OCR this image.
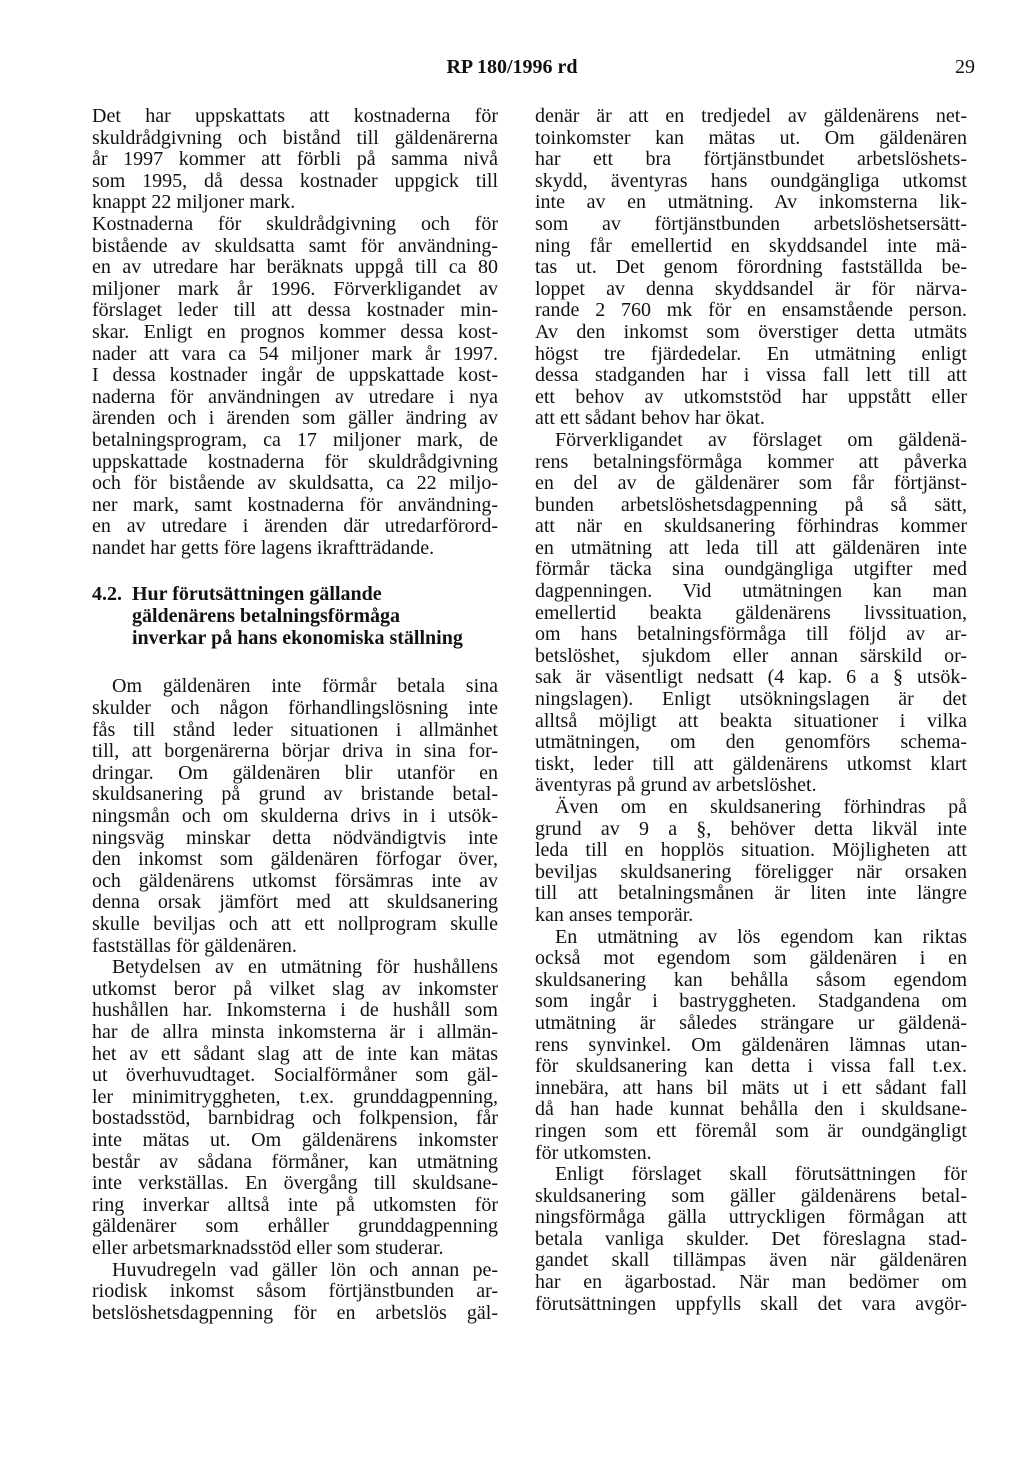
RP 180/1996 rd	29
Det har uppskattats att kostnaderna för
skuldrådgivning och bistånd till gäldenärerna
år 1997 kommer att förbli på samma nivå
som 1995, då dessa kostnader uppgick till
knappt 22 miljoner mark.
Kostnaderna för skuldrådgivning och för
bistående av skuldsatta samt för användning-
en av utredare har beräknats uppgå till ca 80
miljoner mark år 1996. Förverkligandet av
förslaget leder till att dessa kostnader min-
skar. Enligt en prognos kommer dessa kost-
nader att vara ca 54 miljoner mark år 1997.
I dessa kostnader ingår de uppskattade kost-
naderna för användningen av utredare i nya
ärenden och i ärenden som gäller ändring av
betalningsprogram, ca 17 miljoner mark, de
uppskattade kostnaderna för skuldrådgivning
och för bistående av skuldsatta, ca 22 miljo-
ner mark, samt kostnaderna för användning-
en av utredare i ärenden där utredarförord-
nandet har getts före lagens ikraftträdande.
4.2. Hur förutsättningen gällande
gäldenärens betalningsförmåga
inverkar på hans ekonomiska ställning
Om gäldenären inte förmår betala sina
skulder och någon förhandlingslösning inte
fås till stånd leder situationen i allmänhet
till, att borgenärerna börjar driva in sina for-
dringar. Om gäldenären blir utanför en
skuldsanering på grund av bristande betal-
ningsmån och om skulderna drivs in i utsök-
ningsväg minskar detta nödvändigtvis inte
den inkomst som gäldenären förfogar över,
och gäldenärens utkomst försämras inte av
denna orsak jämfört med att skuldsanering
skulle beviljas och att ett nollprogram skulle
fastställas för gäldenären.
Betydelsen av en utmätning för hushållens
utkomst beror på vilket slag av inkomster
hushållen har. Inkomsterna i de hushåll som
har de allra minsta inkomsterna är i allmän-
het av ett sådant slag att de inte kan mätas
ut överhuvudtaget. Socialförmåner som gäl-
ler minimitryggheten, t.ex. grunddagpenning,
bostadsstöd, barnbidrag och folkpension, får
inte mätas ut. Om gäldenärens inkomster
består av sådana förmåner, kan utmätning
inte verkställas. En övergång till skuldsane-
ring inverkar alltså inte på utkomsten för
gäldenärer som erhåller grunddagpenning
eller arbetsmarknadsstöd eller som studerar.
Huvudregeln vad gäller lön och annan pe-
riodisk inkomst såsom förtjänstbunden ar-
betslöshetsdagpenning för en arbetslös gäl-
denär är att en tredjedel av gäldenärens net-
toinkomster kan mätas ut. Om gäldenären
har ett bra förtjänstbundet arbetslöshets-
skydd, äventyras hans oundgängliga utkomst
inte av en utmätning. Av inkomsterna lik-
som av förtjänstbunden arbetslöshetsersätt-
ning får emellertid en skyddsandel inte mä-
tas ut. Det genom förordning fastställda be-
loppet av denna skyddsandel är för närva-
rande 2 760 mk för en ensamstående person.
Av den inkomst som överstiger detta utmäts
högst tre fjärdedelar. En utmätning enligt
dessa stadganden har i vissa fall lett till att
ett behov av utkomststöd har uppstått eller
att ett sådant behov har ökat.
Förverkligandet av förslaget om gäldenä-
rens betalningsförmåga kommer att påverka
en del av de gäldenärer som får förtjänst-
bunden arbetslöshetsdagpenning på så sätt,
att när en skuldsanering förhindras kommer
en utmätning att leda till att gäldenären inte
förmår täcka sina oundgängliga utgifter med
dagpenningen. Vid utmätningen kan man
emellertid beakta gäldenärens livssituation,
om hans betalningsförmåga till följd av ar-
betslöshet, sjukdom eller annan särskild or-
sak är väsentligt nedsatt (4 kap. 6 a § utsök-
ningslagen). Enligt utsökningslagen är det
alltså möjligt att beakta situationer i vilka
utmätningen, om den genomförs schema-
tiskt, leder till att gäldenärens utkomst klart
äventyras på grund av arbetslöshet.
Även om en skuldsanering förhindras på
grund av 9 a §, behöver detta likväl inte
leda till en hopplös situation. Möjligheten att
beviljas skuldsanering föreligger när orsaken
till att betalningsmånen är liten inte längre
kan anses temporär.
En utmätning av lös egendom kan riktas
också mot egendom som gäldenären i en
skuldsanering kan behålla såsom egendom
som ingår i bastryggheten. Stadgandena om
utmätning är således strängare ur gäldenä-
rens synvinkel. Om gäldenären lämnas utan-
för skuldsanering kan detta i vissa fall t.ex.
innebära, att hans bil mäts ut i ett sådant fall
då han hade kunnat behålla den i skuldsane-
ringen som ett föremål som är oundgängligt
för utkomsten.
Enligt förslaget skall förutsättningen för
skuldsanering som gäller gäldenärens betal-
ningsförmåga gälla uttryckligen förmågan att
betala vanliga skulder. Det föreslagna stad-
gandet skall tillämpas även när gäldenären
har en ägarbostad. När man bedömer om
förutsättningen uppfylls skall det vara avgör-
